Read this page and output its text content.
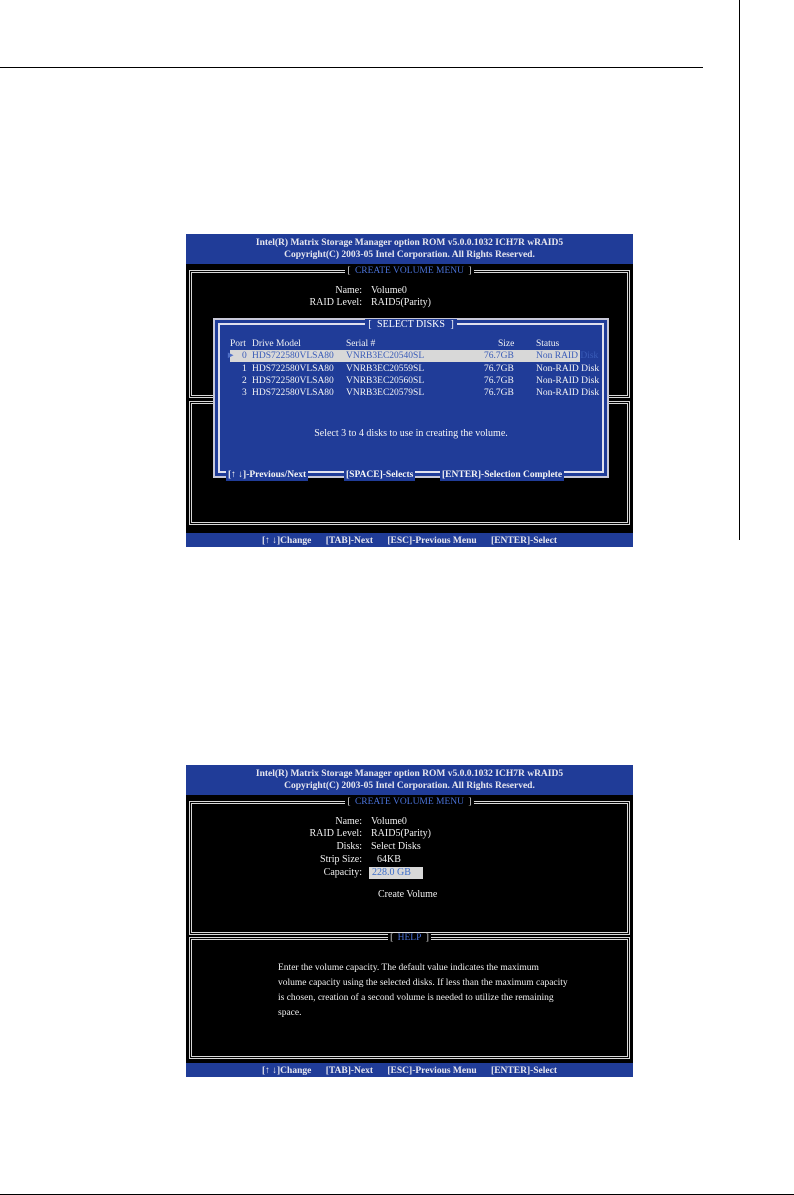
Intel(R) Matrix Storage Manager option ROM v5.0.0.1032 ICH7R wRAID5
Copyright(C) 2003-05 Intel Corporation. All Rights Reserved.
[ CREATE VOLUME MENU ]
Name: Volume0
RAID Level: RAID5(Parity)
[ SELECT DISKS ]
Port Drive Model	Serial #	Size Status
► 0 HDS722580VLSA80 VNRB3EC20540SL	76.7GB Non RAID Disk
1 HDS722580VLSA80 VNRB3EC20559SL	76.7GB Non-RAID Disk
2 HDS722580VLSA80 VNRB3EC20560SL	76.7GB Non-RAID Disk
3 HDS722580VLSA80 VNRB3EC20579SL	76.7GB Non-RAID Disk
Select 3 to 4 disks to use in creating the volume.
[↑ ↓]-Previous/Next	[SPACE]-Selects	[ENTER]-Selection Complete
[↑ ↓]Change [TAB]-Next [ESC]-Previous Menu [ENTER]-Select
Intel(R) Matrix Storage Manager option ROM v5.0.0.1032 ICH7R wRAID5
Copyright(C) 2003-05 Intel Corporation. All Rights Reserved.
[ CREATE VOLUME MENU ]
[ HELP ]
Name: Volume0
RAID Level: RAID5(Parity)
Disks: Select Disks
Strip Size: 64KB
Capacity:	228.0 GB
Create Volume
Enter the volume capacity. The default value indicates the maximum volume capacity using the selected disks. If less than the maximum capacity is chosen, creation of a second volume is needed to utilize the remaining space.
[↑ ↓]Change [TAB]-Next [ESC]-Previous Menu [ENTER]-Select
